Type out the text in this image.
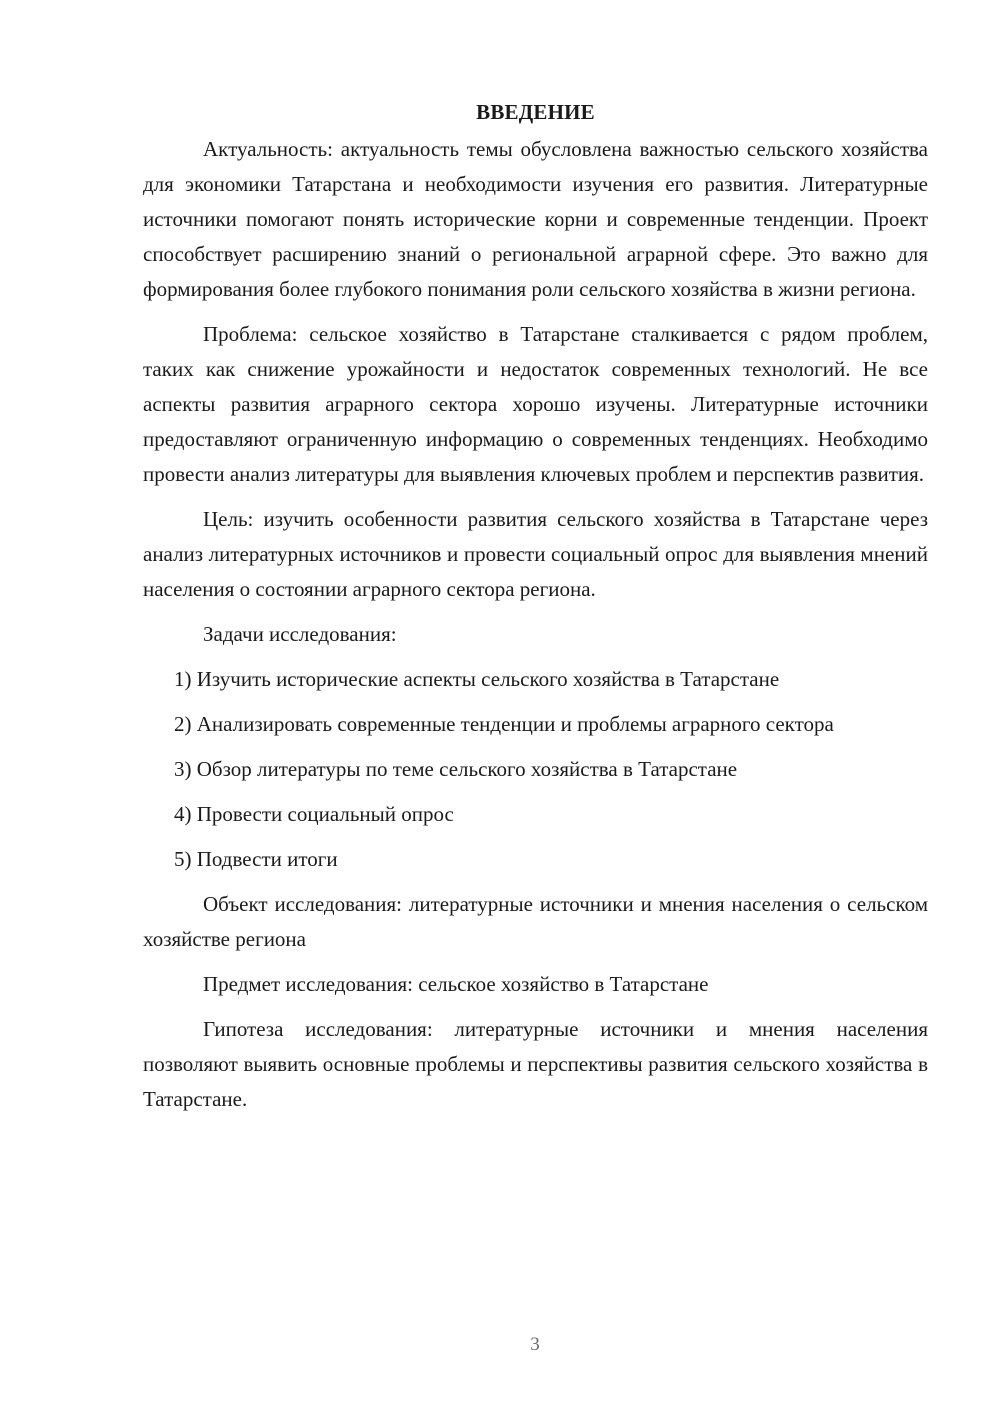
ВВЕДЕНИЕ

Актуальность: актуальность темы обусловлена важностью сельского хозяйства для экономики Татарстана и необходимости изучения его развития. Литературные источники помогают понять исторические корни и современные тенденции. Проект способствует расширению знаний о региональной аграрной сфере. Это важно для формирования более глубокого понимания роли сельского хозяйства в жизни региона.

Проблема: сельское хозяйство в Татарстане сталкивается с рядом проблем, таких как снижение урожайности и недостаток современных технологий. Не все аспекты развития аграрного сектора хорошо изучены. Литературные источники предоставляют ограниченную информацию о современных тенденциях. Необходимо провести анализ литературы для выявления ключевых проблем и перспектив развития.

Цель: изучить особенности развития сельского хозяйства в Татарстане через анализ литературных источников и провести социальный опрос для выявления мнений населения о состоянии аграрного сектора региона.

Задачи исследования:

1) Изучить исторические аспекты сельского хозяйства в Татарстане

2) Анализировать современные тенденции и проблемы аграрного сектора

3) Обзор литературы по теме сельского хозяйства в Татарстане

4) Провести социальный опрос

5) Подвести итоги

Объект исследования: литературные источники и мнения населения о сельском хозяйстве региона

Предмет исследования: сельское хозяйство в Татарстане

Гипотеза исследования: литературные источники и мнения населения позволяют выявить основные проблемы и перспективы развития сельского хозяйства в Татарстане.

3
